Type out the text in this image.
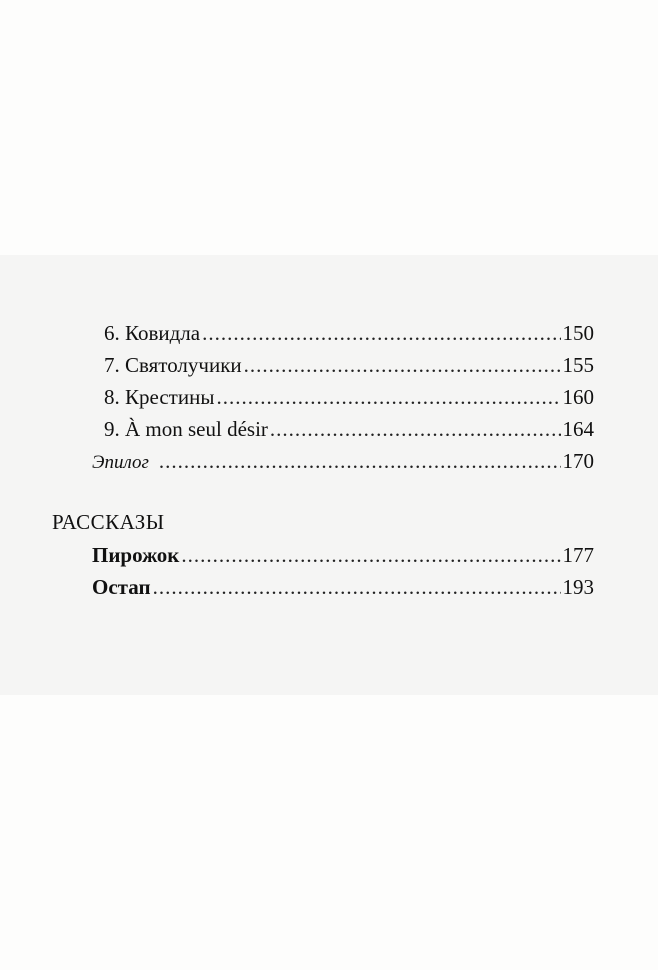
6. Ковидла .....	150
7. Святолучики .....	155
8. Крестины .....	160
9. À mon seul désir .....	164
Эпилог .....	170
РАССКАЗЫ
Пирожок .....	177
Остап .....	193
